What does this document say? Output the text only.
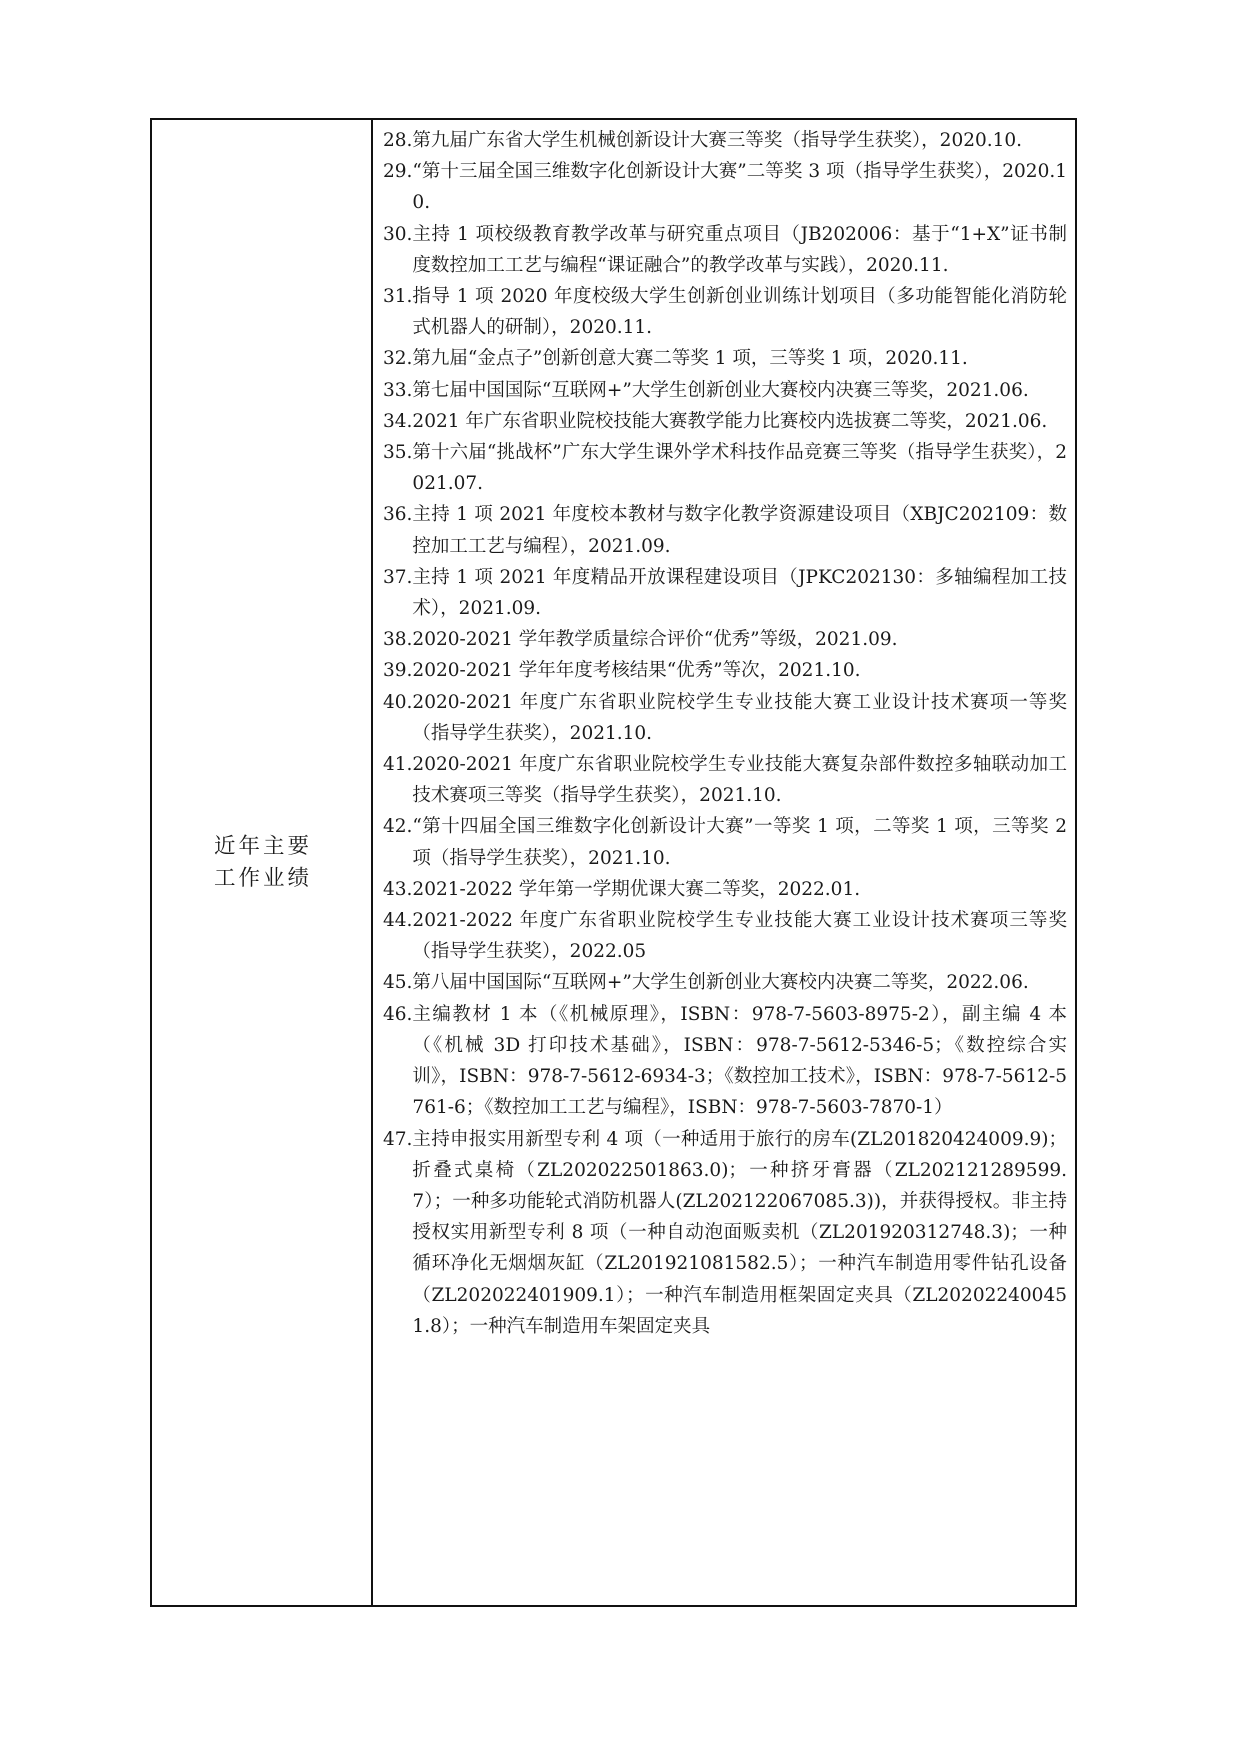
近年主要
工作业绩
28. 第九届广东省大学生机械创新设计大赛三等奖（指导学生获奖），2020.10.
29. “第十三届全国三维数字化创新设计大赛”二等奖 3 项（指导学生获奖），2020.10.
30. 主持 1 项校级教育教学改革与研究重点项目（JB202006：基于“1+X”证书制度数控加工工艺与编程“课证融合”的教学改革与实践），2020.11.
31. 指导 1 项 2020 年度校级大学生创新创业训练计划项目（多功能智能化消防轮式机器人的研制），2020.11.
32. 第九届“金点子”创新创意大赛二等奖 1 项，三等奖 1 项，2020.11.
33. 第七届中国国际“互联网+”大学生创新创业大赛校内决赛三等奖，2021.06.
34. 2021 年广东省职业院校技能大赛教学能力比赛校内选拔赛二等奖，2021.06.
35. 第十六届“挑战杯”广东大学生课外学术科技作品竞赛三等奖（指导学生获奖），2021.07.
36. 主持 1 项 2021 年度校本教材与数字化教学资源建设项目（XBJC202109：数控加工工艺与编程），2021.09.
37. 主持 1 项 2021 年度精品开放课程建设项目（JPKC202130：多轴编程加工技术），2021.09.
38. 2020-2021 学年教学质量综合评价“优秀”等级，2021.09.
39. 2020-2021 学年年度考核结果“优秀”等次，2021.10.
40. 2020-2021 年度广东省职业院校学生专业技能大赛工业设计技术赛项一等奖（指导学生获奖），2021.10.
41. 2020-2021 年度广东省职业院校学生专业技能大赛复杂部件数控多轴联动加工技术赛项三等奖（指导学生获奖），2021.10.
42. “第十四届全国三维数字化创新设计大赛”一等奖 1 项，二等奖 1 项，三等奖 2 项（指导学生获奖），2021.10.
43. 2021-2022 学年第一学期优课大赛二等奖，2022.01.
44. 2021-2022 年度广东省职业院校学生专业技能大赛工业设计技术赛项三等奖（指导学生获奖），2022.05
45. 第八届中国国际“互联网+”大学生创新创业大赛校内决赛二等奖，2022.06.
46. 主编教材 1 本（《机械原理》，ISBN：978-7-5603-8975-2），副主编 4 本（《机械 3D 打印技术基础》，ISBN：978-7-5612-5346-5；《数控综合实训》，ISBN：978-7-5612-6934-3；《数控加工技术》，ISBN：978-7-5612-5761-6；《数控加工工艺与编程》，ISBN：978-7-5603-7870-1）
47. 主持申报实用新型专利 4 项（一种适用于旅行的房车(ZL201820424009.9)；折叠式桌椅（ZL202022501863.0)；一种挤牙膏器（ZL202121289599.7）；一种多功能轮式消防机器人(ZL202122067085.3))，并获得授权。非主持授权实用新型专利 8 项（一种自动泡面贩卖机（ZL201920312748.3)；一种循环净化无烟烟灰缸（ZL201921081582.5）；一种汽车制造用零件钻孔设备（ZL202022401909.1）；一种汽车制造用框架固定夹具（ZL202022400451.8）；一种汽车制造用车架固定夹具
